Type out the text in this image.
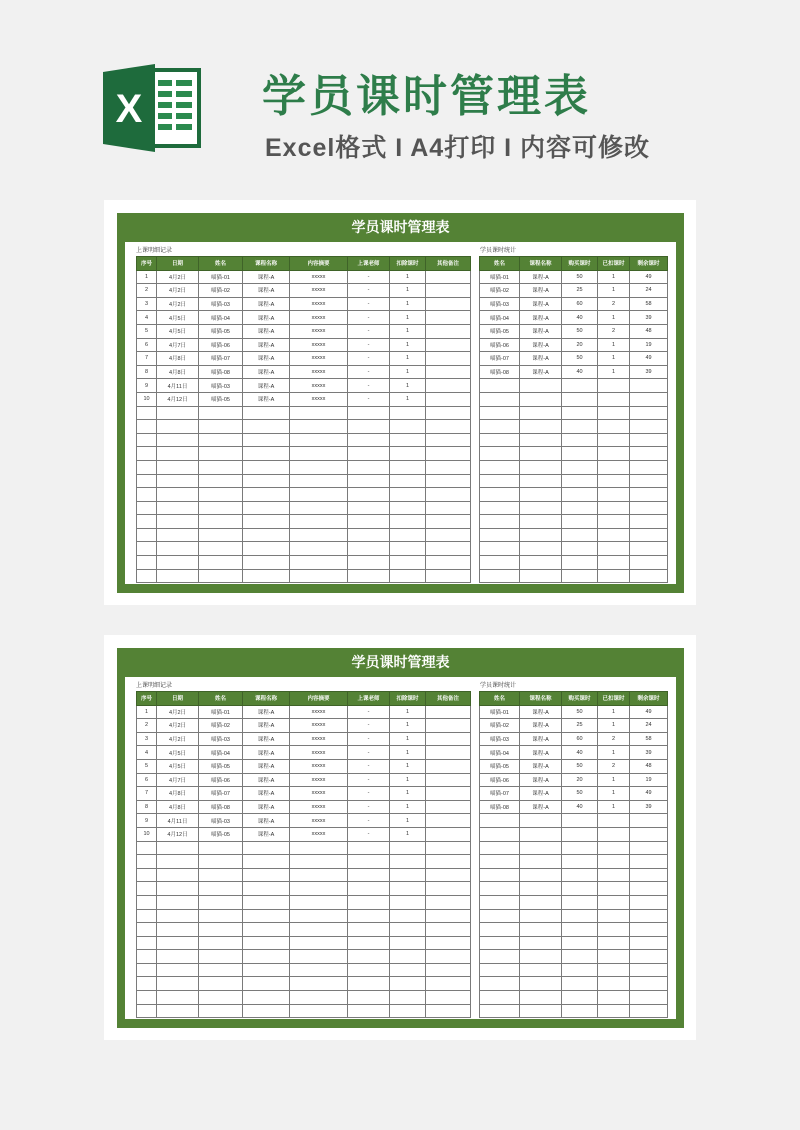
X	学员课时管理表
Excel格式 I A4打印 I 内容可修改
学员课时管理表
上课明细记录	学员课时统计
序号	日期	姓名	课程名称	内容摘要	上课老师	扣除课时	其他备注
1	4月2日	喵猫-01	课程-A	xxxxx	-	1	
2	4月2日	喵猫-02	课程-A	xxxxx	-	1	
3	4月2日	喵猫-03	课程-A	xxxxx	-	1	
4	4月5日	喵猫-04	课程-A	xxxxx	-	1	
5	4月5日	喵猫-05	课程-A	xxxxx	-	1	
6	4月7日	喵猫-06	课程-A	xxxxx	-	1	
7	4月8日	喵猫-07	课程-A	xxxxx	-	1	
8	4月8日	喵猫-08	课程-A	xxxxx	-	1	
9	4月11日	喵猫-03	课程-A	xxxxx	-	1	
10	4月12日	喵猫-05	课程-A	xxxxx	-	1	

姓名	课程名称	购买课时	已扣课时	剩余课时
喵猫-01	课程-A	50	1	49
喵猫-02	课程-A	25	1	24
喵猫-03	课程-A	60	2	58
喵猫-04	课程-A	40	1	39
喵猫-05	课程-A	50	2	48
喵猫-06	课程-A	20	1	19
喵猫-07	课程-A	50	1	49
喵猫-08	课程-A	40	1	39

学员课时管理表
上课明细记录	学员课时统计
序号	日期	姓名	课程名称	内容摘要	上课老师	扣除课时	其他备注
1	4月2日	喵猫-01	课程-A	xxxxx	-	1	
2	4月2日	喵猫-02	课程-A	xxxxx	-	1	
3	4月2日	喵猫-03	课程-A	xxxxx	-	1	
4	4月5日	喵猫-04	课程-A	xxxxx	-	1	
5	4月5日	喵猫-05	课程-A	xxxxx	-	1	
6	4月7日	喵猫-06	课程-A	xxxxx	-	1	
7	4月8日	喵猫-07	课程-A	xxxxx	-	1	
8	4月8日	喵猫-08	课程-A	xxxxx	-	1	
9	4月11日	喵猫-03	课程-A	xxxxx	-	1	
10	4月12日	喵猫-05	课程-A	xxxxx	-	1	

姓名	课程名称	购买课时	已扣课时	剩余课时
喵猫-01	课程-A	50	1	49
喵猫-02	课程-A	25	1	24
喵猫-03	课程-A	60	2	58
喵猫-04	课程-A	40	1	39
喵猫-05	课程-A	50	2	48
喵猫-06	课程-A	20	1	19
喵猫-07	课程-A	50	1	49
喵猫-08	课程-A	40	1	39
